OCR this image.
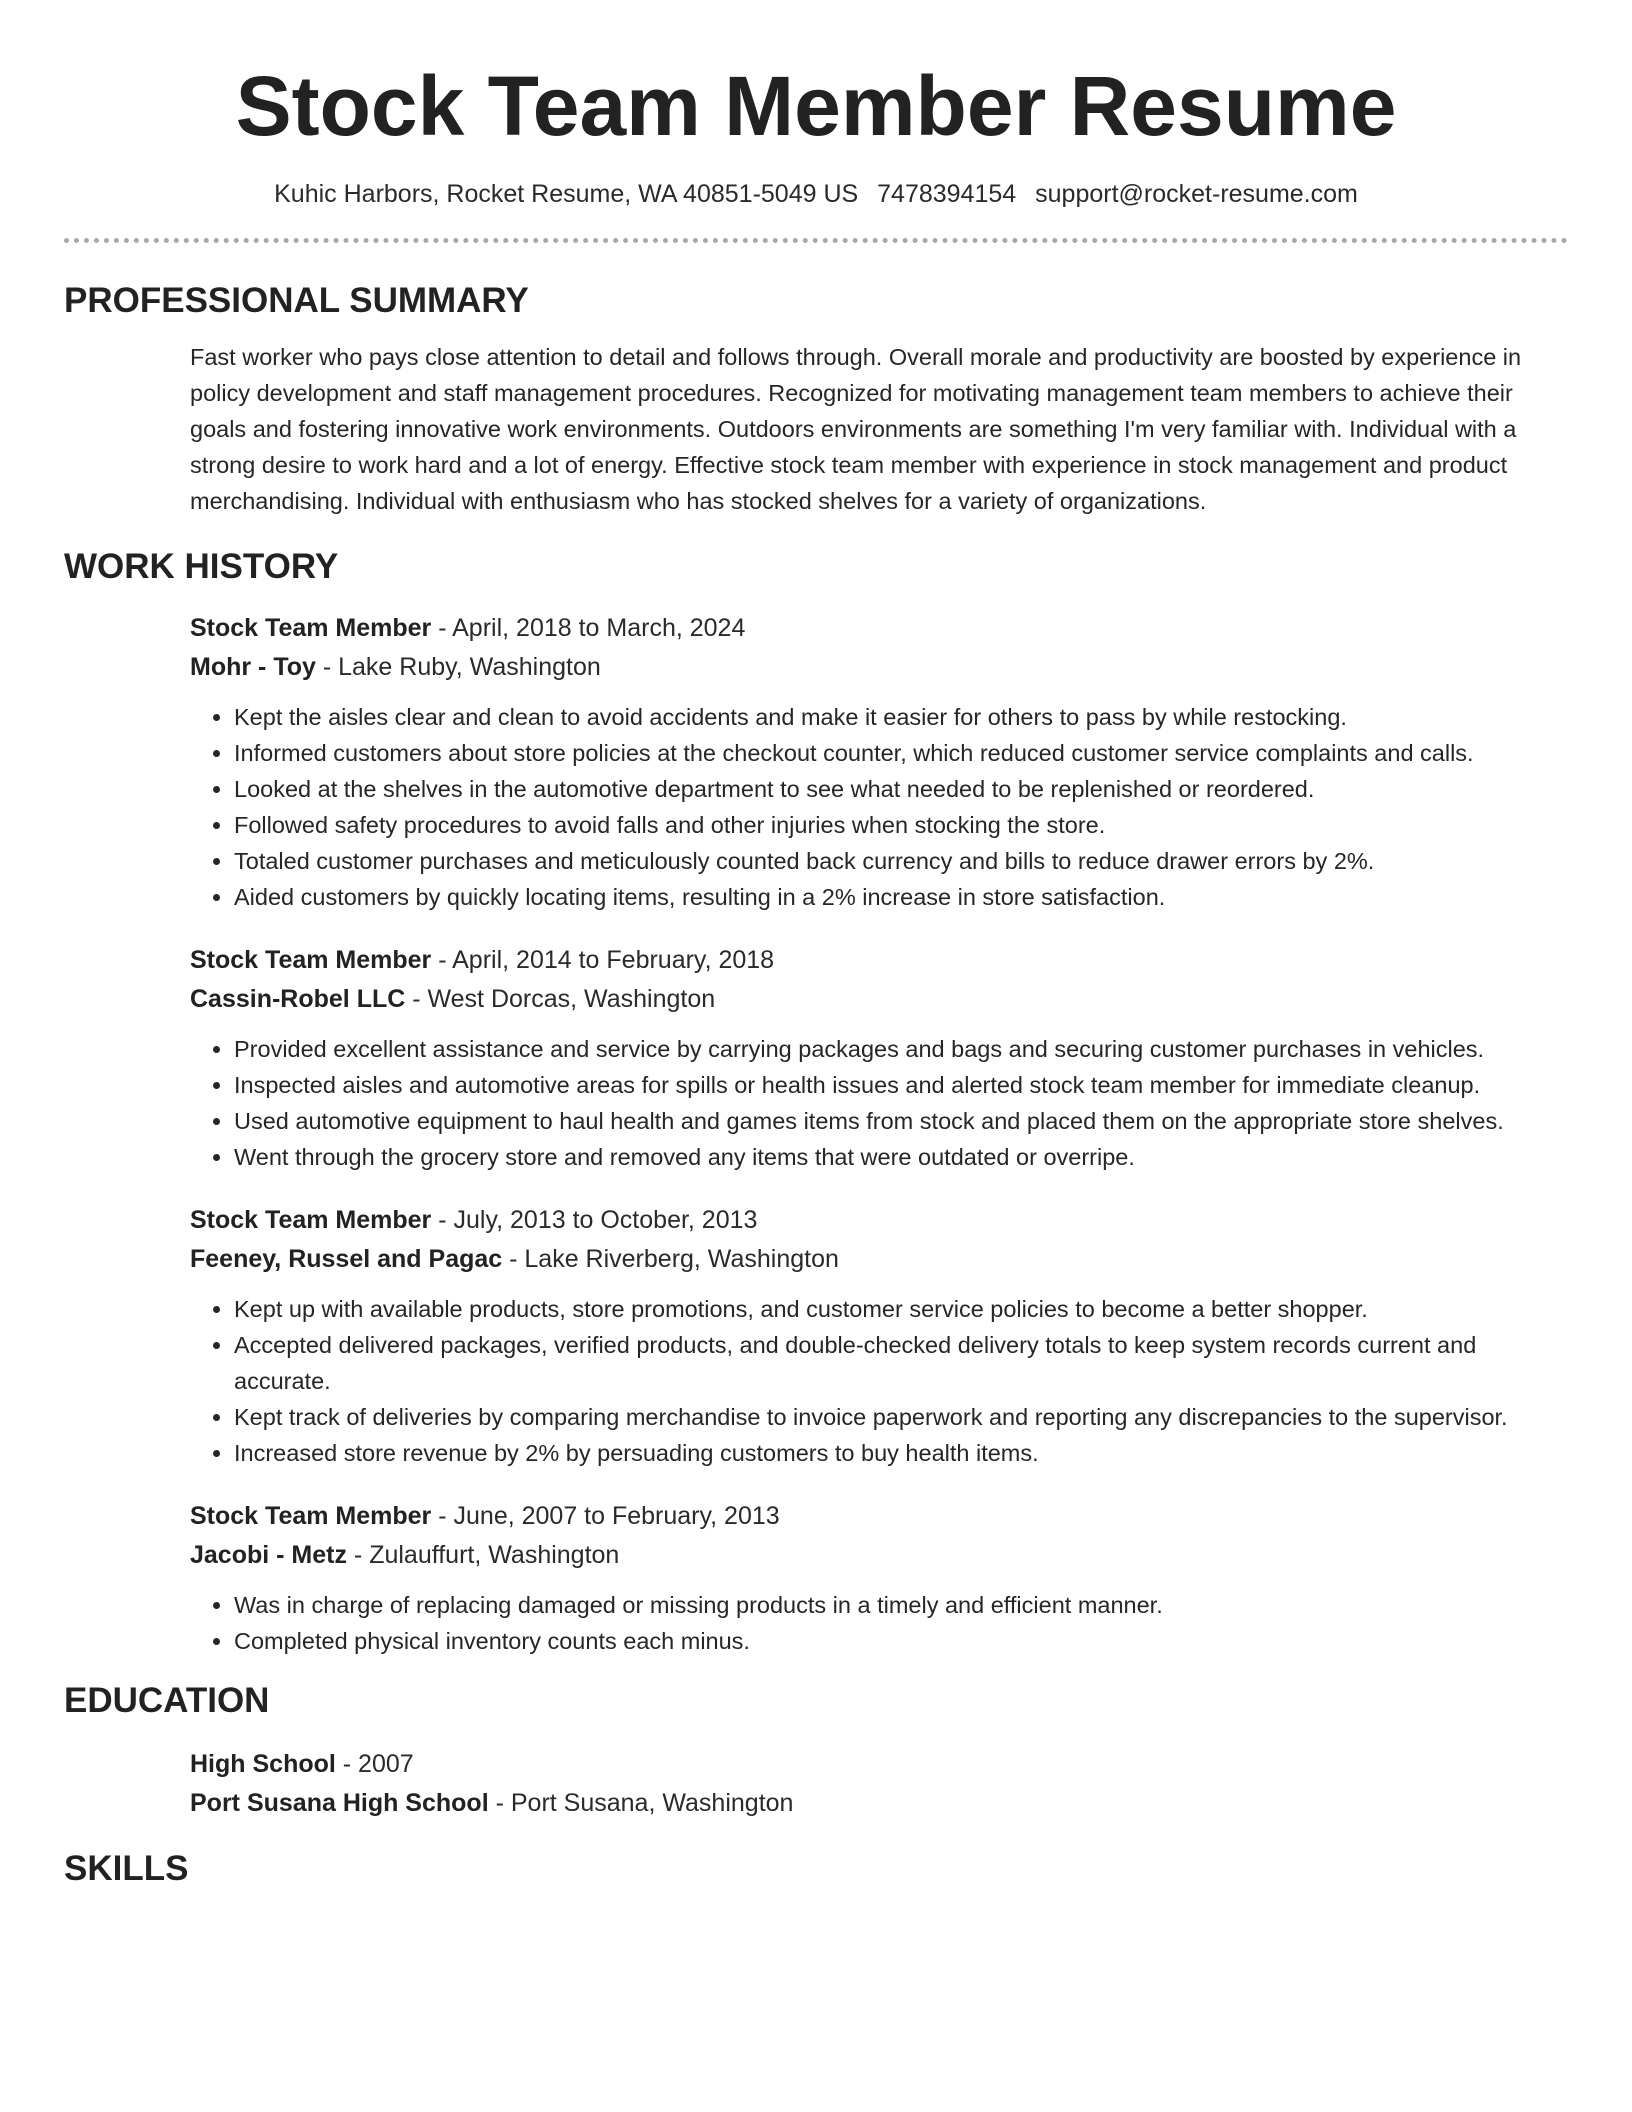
Stock Team Member Resume
Kuhic Harbors, Rocket Resume, WA 40851-5049 US 7478394154 support@rocket-resume.com
PROFESSIONAL SUMMARY
Fast worker who pays close attention to detail and follows through. Overall morale and productivity are boosted by experience in policy development and staff management procedures. Recognized for motivating management team members to achieve their goals and fostering innovative work environments. Outdoors environments are something I'm very familiar with. Individual with a strong desire to work hard and a lot of energy. Effective stock team member with experience in stock management and product merchandising. Individual with enthusiasm who has stocked shelves for a variety of organizations.
WORK HISTORY
Stock Team Member - April, 2018 to March, 2024
Mohr - Toy - Lake Ruby, Washington
• Kept the aisles clear and clean to avoid accidents and make it easier for others to pass by while restocking.
• Informed customers about store policies at the checkout counter, which reduced customer service complaints and calls.
• Looked at the shelves in the automotive department to see what needed to be replenished or reordered.
• Followed safety procedures to avoid falls and other injuries when stocking the store.
• Totaled customer purchases and meticulously counted back currency and bills to reduce drawer errors by 2%.
• Aided customers by quickly locating items, resulting in a 2% increase in store satisfaction.
Stock Team Member - April, 2014 to February, 2018
Cassin-Robel LLC - West Dorcas, Washington
• Provided excellent assistance and service by carrying packages and bags and securing customer purchases in vehicles.
• Inspected aisles and automotive areas for spills or health issues and alerted stock team member for immediate cleanup.
• Used automotive equipment to haul health and games items from stock and placed them on the appropriate store shelves.
• Went through the grocery store and removed any items that were outdated or overripe.
Stock Team Member - July, 2013 to October, 2013
Feeney, Russel and Pagac - Lake Riverberg, Washington
• Kept up with available products, store promotions, and customer service policies to become a better shopper.
• Accepted delivered packages, verified products, and double-checked delivery totals to keep system records current and accurate.
• Kept track of deliveries by comparing merchandise to invoice paperwork and reporting any discrepancies to the supervisor.
• Increased store revenue by 2% by persuading customers to buy health items.
Stock Team Member - June, 2007 to February, 2013
Jacobi - Metz - Zulauffurt, Washington
• Was in charge of replacing damaged or missing products in a timely and efficient manner.
• Completed physical inventory counts each minus.
EDUCATION
High School - 2007
Port Susana High School - Port Susana, Washington
SKILLS
